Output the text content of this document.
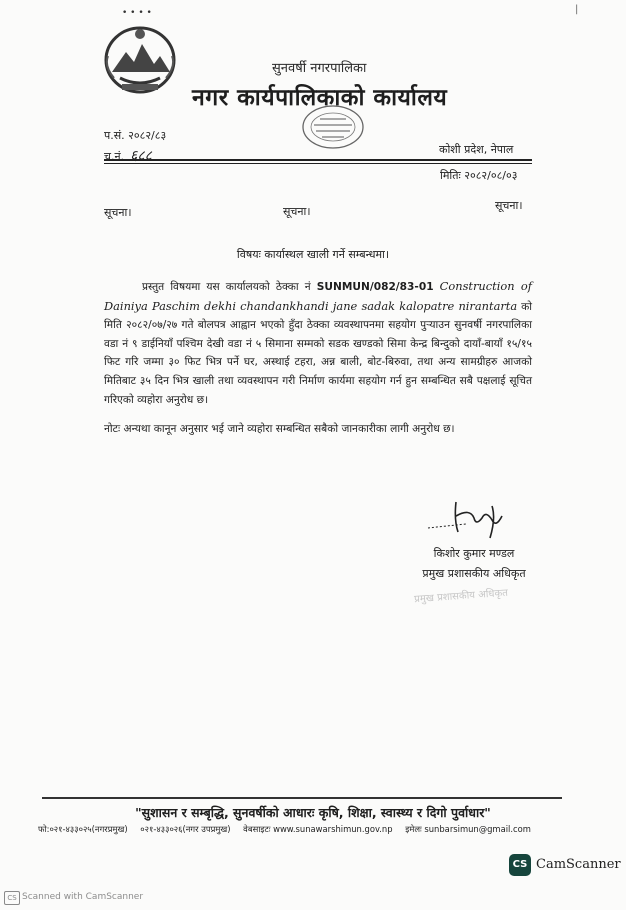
• • • •	|
सुनवर्षी नगरपालिका
नगर कार्यपालिकाको कार्यालय
प.सं. २०८२/८३
च.नं. ६८८	कोशी प्रदेश, नेपाल
मितिः २०८२/०८/०३
सूचना।	सूचना।	सूचना।
विषयः कार्यास्थल खाली गर्ने सम्बन्धमा।
प्रस्तुत विषयमा यस कार्यालयको ठेक्का नं SUNMUN/082/83-01 Construction of Dainiya Paschim dekhi chandankhandi jane sadak kalopatre nirantarta को मिति २०८२/०७/२७ गते बोलपत्र आह्वान भएको हुँदा ठेक्का व्यवस्थापनमा सहयोग पुऱ्याउन सुनवर्षी नगरपालिका वडा नं ९ डाईनियाँ पश्चिम देखी वडा नं ५ सिमाना सम्मको सडक खण्डको सिमा केन्द्र बिन्दुको दायाँ-बायाँ १५/१५ फिट गरि जम्मा ३० फिट भित्र पर्ने घर, अस्थाई टहरा, अन्न बाली, बोट-बिरुवा, तथा अन्य सामग्रीहरु आजको मितिबाट ३५ दिन भित्र खाली तथा व्यवस्थापन गरी निर्माण कार्यमा सहयोग गर्न हुन सम्बन्धित सबै पक्षलाई सूचित गरिएको व्यहोरा अनुरोध छ।
नोटः अन्यथा कानून अनुसार भई जाने व्यहोरा सम्बन्धित सबैको जानकारीका लागी अनुरोध छ।
किशोर कुमार मण्डल
प्रमुख प्रशासकीय अधिकृत
प्रमुख प्रशासकीय अधिकृत
"सुशासन र सम्बृद्धि, सुनवर्षीको आधारः कृषि, शिक्षा, स्वास्थ्य र दिगो पुर्वाधार"
फो:०२१-४३३०२५(नगरप्रमुख) ०२१-४३३०२६(नगर उपप्रमुख) वेबसाइटः www.sunawarshimun.gov.np इमेलः sunbarsimun@gmail.com
CS CamScanner
CS Scanned with CamScanner
